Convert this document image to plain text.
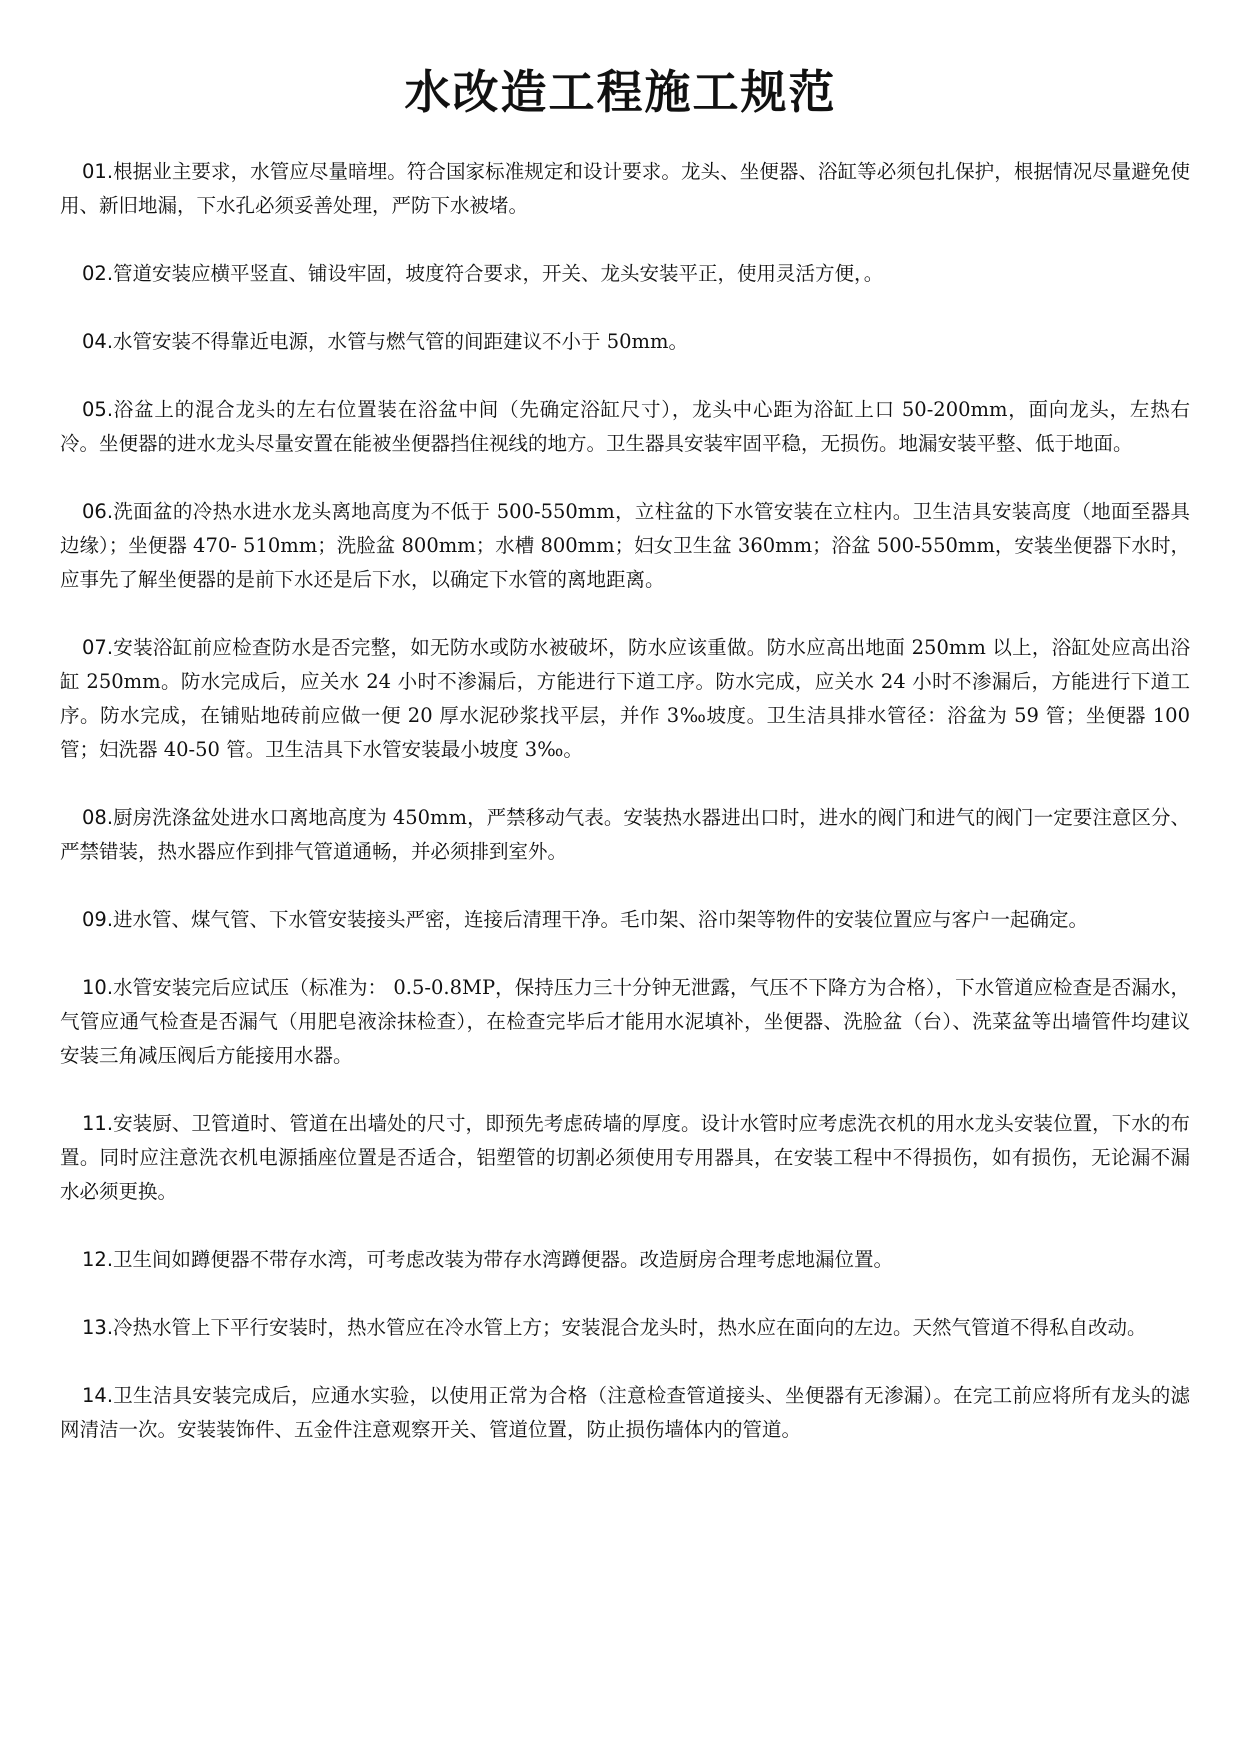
水改造工程施工规范

01.根据业主要求，水管应尽量暗埋。符合国家标准规定和设计要求。龙头、坐便器、浴缸等必须包扎保护，根据情况尽量避免使用、新旧地漏，下水孔必须妥善处理，严防下水被堵。

02.管道安装应横平竖直、铺设牢固，坡度符合要求，开关、龙头安装平正，使用灵活方便，。

04.水管安装不得靠近电源，水管与燃气管的间距建议不小于 50mm。

05.浴盆上的混合龙头的左右位置装在浴盆中间（先确定浴缸尺寸），龙头中心距为浴缸上口 50-200mm，面向龙头，左热右冷。坐便器的进水龙头尽量安置在能被坐便器挡住视线的地方。卫生器具安装牢固平稳，无损伤。地漏安装平整、低于地面。

06.洗面盆的冷热水进水龙头离地高度为不低于 500-550mm，立柱盆的下水管安装在立柱内。卫生洁具安装高度（地面至器具边缘）；坐便器 470- 510mm；洗脸盆 800mm；水槽 800mm；妇女卫生盆 360mm；浴盆 500-550mm，安装坐便器下水时，应事先了解坐便器的是前下水还是后下水，以确定下水管的离地距离。

07.安装浴缸前应检查防水是否完整，如无防水或防水被破坏，防水应该重做。防水应高出地面 250mm 以上，浴缸处应高出浴缸 250mm。防水完成后，应关水 24 小时不渗漏后，方能进行下道工序。防水完成，应关水 24 小时不渗漏后，方能进行下道工序。防水完成，在铺贴地砖前应做一便 20 厚水泥砂浆找平层，并作 3‰坡度。卫生洁具排水管径：浴盆为 59 管；坐便器 100 管；妇洗器 40-50 管。卫生洁具下水管安装最小坡度 3‰。

08.厨房洗涤盆处进水口离地高度为 450mm，严禁移动气表。安装热水器进出口时，进水的阀门和进气的阀门一定要注意区分、严禁错装，热水器应作到排气管道通畅，并必须排到室外。

09.进水管、煤气管、下水管安装接头严密，连接后清理干净。毛巾架、浴巾架等物件的安装位置应与客户一起确定。

10.水管安装完后应试压（标准为： 0.5-0.8MP，保持压力三十分钟无泄露，气压不下降方为合格），下水管道应检查是否漏水，气管应通气检查是否漏气（用肥皂液涂抹检查），在检查完毕后才能用水泥填补，坐便器、洗脸盆（台）、洗菜盆等出墙管件均建议安装三角减压阀后方能接用水器。

11.安装厨、卫管道时、管道在出墙处的尺寸，即预先考虑砖墙的厚度。设计水管时应考虑洗衣机的用水龙头安装位置，下水的布置。同时应注意洗衣机电源插座位置是否适合，铝塑管的切割必须使用专用器具，在安装工程中不得损伤，如有损伤，无论漏不漏水必须更换。

12.卫生间如蹲便器不带存水湾，可考虑改装为带存水湾蹲便器。改造厨房合理考虑地漏位置。

13.冷热水管上下平行安装时，热水管应在冷水管上方；安装混合龙头时，热水应在面向的左边。天然气管道不得私自改动。

14.卫生洁具安装完成后，应通水实验，以使用正常为合格（注意检查管道接头、坐便器有无渗漏）。在完工前应将所有龙头的滤网清洁一次。安装装饰件、五金件注意观察开关、管道位置，防止损伤墙体内的管道。
